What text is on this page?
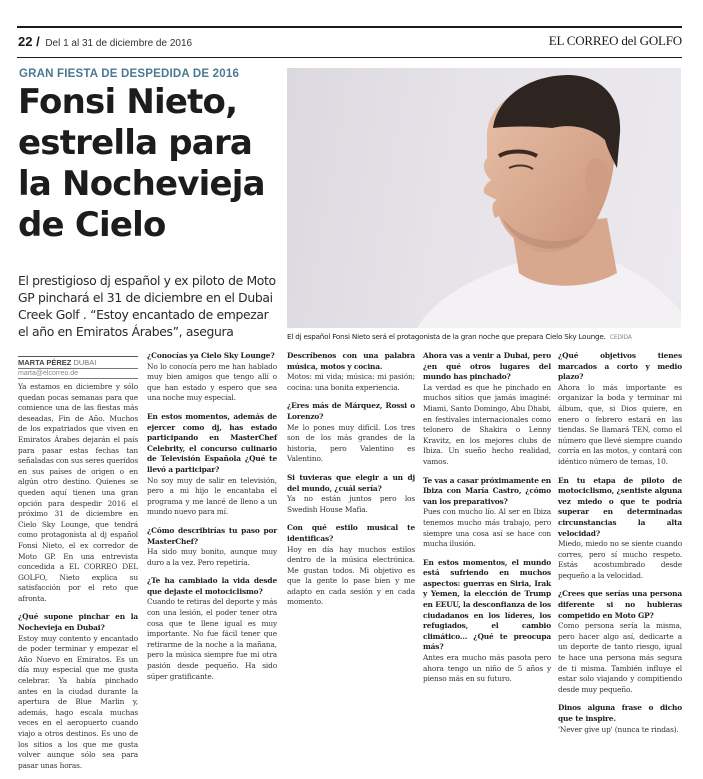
22 / Del 1 al 31 de diciembre de 2016	EL CORREO del GOLFO
GRAN FIESTA DE DESPEDIDA DE 2016
Fonsi Nieto, estrella para la Nochevieja de Cielo
El prestigioso dj español y ex piloto de Moto GP pinchará el 31 de diciembre en el Dubai Creek Golf . “Estoy encantado de empezar el año en Emiratos Árabes”, asegura	El dj español Fonsi Nieto será el protagonista de la gran noche que prepara Cielo Sky Lounge. CEDIDA
MARTA PÉREZ DUBAI
marta@elcorreo.de

Ya estamos en diciembre y sólo quedan pocas semanas para que comience una de las fiestas más deseadas, Fin de Año. Muchos de los expatriados que viven en Emiratos Árabes dejarán el país para pasar estas fechas tan señaladas con sus seres queridos en sus países de origen o en algún otro destino. Quienes se queden aquí tienen una gran opción para despedir 2016 el próximo 31 de diciembre en Cielo Sky Lounge, que tendrá como protagonista al dj español Fonsi Nieto, el ex corredor de Moto GP. En una entrevista concedida a EL CORREO DEL GOLFO, Nieto explica su satisfacción por el reto que afronta.

¿Qué supone pinchar en la Nochevieja en Dubai?
Estoy muy contento y encantado de poder terminar y empezar el Año Nuevo en Emiratos. Es un día muy especial que me gusta celebrar. Ya había pinchado antes en la ciudad durante la apertura de Blue Marlin y, además, hago escala muchas veces en el aeropuerto cuando viajo a otros destinos. Es uno de los sitios a los que me gusta volver aunque sólo sea para pasar unas horas.

¿Conocías ya Cielo Sky Lounge?
No lo conocía pero me han hablado muy bien amigos que tengo allí o que han estado y espero que sea una noche muy especial.

En estos momentos, además de ejercer como dj, has estado participando en MasterChef Celebrity, el concurso culinario de Televisión Española ¿Qué te llevó a participar?
No soy muy de salir en televisión, pero a mi hijo le encantaba el programa y me lancé de lleno a un mundo nuevo para mí.

¿Cómo describirías tu paso por MasterChef?
Ha sido muy bonito, aunque muy duro a la vez. Pero repetiría.

¿Te ha cambiado la vida desde que dejaste el motociclismo?
Cuando te retiras del deporte y más con una lesión, el poder tener otra cosa que te llene igual es muy importante. No fue fácil tener que retirarme de la noche a la mañana, pero la música siempre fue mi otra pasión desde pequeño. Ha sido súper gratificante.

Descríbenos con una palabra música, motos y cocina.
Motos: mi vida; música: mi pasión; cocina: una bonita experiencia.

¿Eres más de Márquez, Rossi o Lorenzo?
Me lo pones muy difícil. Los tres son de los más grandes de la historia, pero Valentino es Valentino.

Si tuvieras que elegir a un dj del mundo, ¿cuál sería?
Ya no están juntos pero los Swedish House Mafia.

Con qué estilo musical te identificas?
Hoy en día hay muchos estilos dentro de la música electrónica. Me gustan todos. Mi objetivo es que la gente lo pase bien y me adapto en cada sesión y en cada momento.

Ahora vas a venir a Dubai, pero ¿en qué otros lugares del mundo has pinchado?
La verdad es que he pinchado en muchos sitios que jamás imaginé: Miami, Santo Domingo, Abu Dhabi, en festivales internacionales como telonero de Shakira o Lenny Kravitz, en los mejores clubs de Ibiza. Un sueño hecho realidad, vamos.

Te vas a casar próximamente en Ibiza con María Castro, ¿cómo van los preparativos?
Pues con mucho lío. Al ser en Ibiza tenemos mucho más trabajo, pero siempre una cosa así se hace con mucha ilusión.

En estos momentos, el mundo está sufriendo en muchos aspectos: guerras en Siria, Irak y Yemen, la elección de Trump en EEUU, la desconfianza de los ciudadanos en los líderes, los refugiados, el cambio climático... ¿Qué te preocupa más?
Antes era mucho más pasota pero ahora tengo un niño de 5 años y pienso más en su futuro.

¿Qué objetivos tienes marcados a corto y medio plazo?
Ahora lo más importante es organizar la boda y terminar mi álbum, que, si Dios quiere, en enero o febrero estará en las tiendas. Se llamará TEN, como el número que llevé siempre cuando corría en las motos, y contará con idéntico número de temas, 10.

En tu etapa de piloto de motociclismo, ¿sentiste alguna vez miedo o que te podría superar en determinadas circunstancias la alta velocidad?
Miedo, miedo no se siente cuando corres, pero sí mucho respeto. Estás acostumbrado desde pequeño a la velocidad.

¿Crees que serías una persona diferente si no hubieras competido en Moto GP?
Como persona sería la misma, pero hacer algo así, dedicarte a un deporte de tanto riesgo, igual te hace una persona más segura de ti misma. También influye el estar solo viajando y compitiendo desde muy pequeño.

Dinos alguna frase o dicho que te inspire.
'Never give up' (nunca te rindas).
